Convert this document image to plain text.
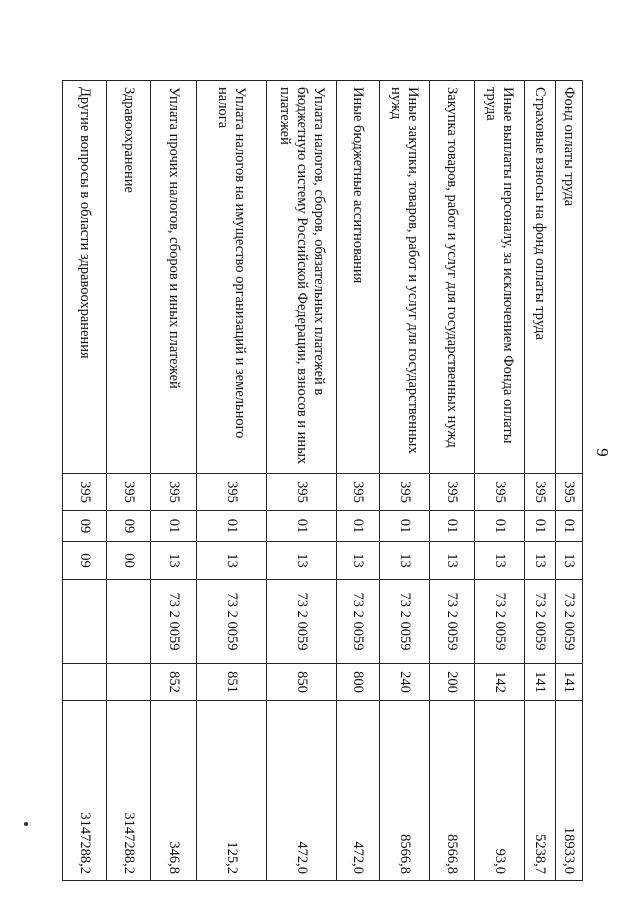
9
Фонд оплаты труда	395	01	13	73 2 0059	141	18933,0
Страховые взносы на фонд оплаты труда	395	01	13	73 2 0059	141	5238,7
Иные выплаты персоналу, за исключением Фонда оплаты труда	395	01	13	73 2 0059	142	93,0
Закупка товаров, работ и услуг для государственных нужд	395	01	13	73 2 0059	200	8566,8
Иные закупки, товаров, работ и услуг для государственных нужд	395	01	13	73 2 0059	240	8566,8
Иные бюджетные ассигнования	395	01	13	73 2 0059	800	472,0
Уплата налогов, сборов, обязательных платежей в бюджетную систему Российской Федерации, взносов и иных платежей	395	01	13	73 2 0059	850	472,0
Уплата налогов на имущество организаций и земельного налога	395	01	13	73 2 0059	851	125,2
Уплата прочих налогов, сборов и иных платежей	395	01	13	73 2 0059	852	346,8
Здравоохранение	395	09	00			3147288,2
Другие вопросы в области здравоохранения	395	09	09			3147288,2
